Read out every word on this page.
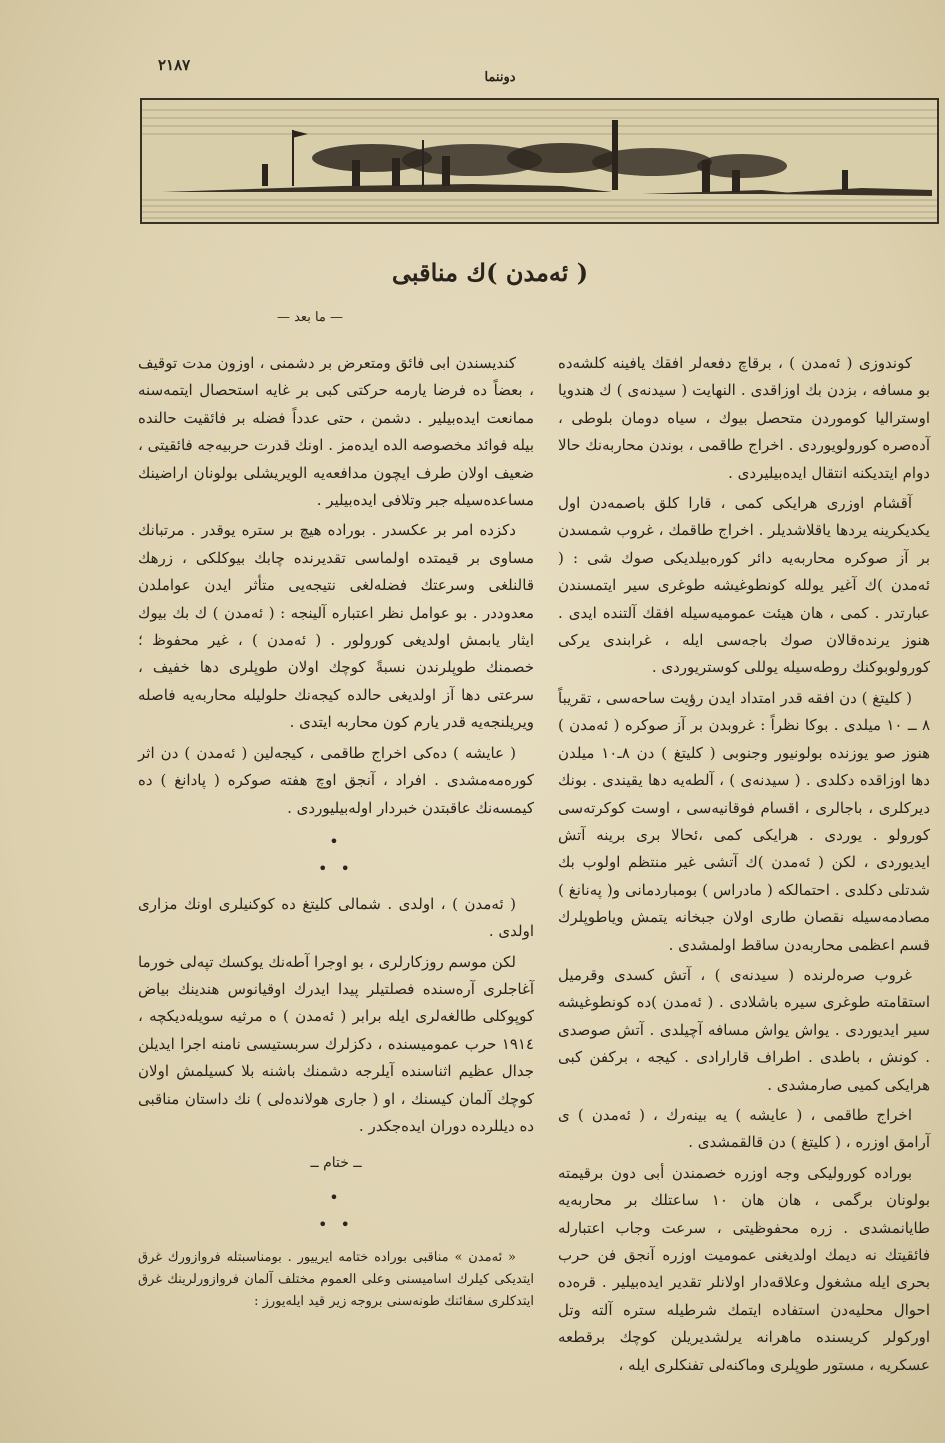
٢١٨٧
دوننما
( ئەمدن )ك مناقبى
— ما بعد —

كوندوزى ( ئەمدن ) ، برقاچ دفعەلر افقك يافينە كلشەدە بو مسافە ، بزدن بك اوزاقدى . النهايت ( سيدنەى ) ك هندويا اوستراليا كوموردن متحصل بيوك ، سياه دومان بلوطى ، آدەصرە كورولويوردى . اخراج طاقمى ، بوندن محاربەنك حالا دوام ايتديكنە انتقال ايدەبيليردى .

آقشام اوزرى هرايكى كمى ، قارا كلق باصمەدن اول يكديكرينە يردها ياقلاشديلر . اخراج طاقمك ، غروب شمسدن بر آز صوكرە محاربەيە دائر كورەبيلديكى صوك شى : ( ئەمدن )ك آغير يوللە كونطوغيشە طوغرى سير ايتمسندن عبارتدر . كمى ، هان هيئت عموميەسيلە افقك آلتندە ايدى . هنوز يرندەقالان صوك باجەسى ايلە ، غرابندى يركى كورولوبوكنك روطەسيلە يوللى كوستريوردى .

( كليتغ ) دن افقە قدر امتداد ايدن رؤيت ساحەسى ، تقريباً ٨ ــ ١٠ ميلدى . بوكا نظراً : غروبدن بر آز صوكرە ( ئەمدن ) هنوز صو يوزندە بولونيور وجنوبى ( كليتغ ) دن ٨ـ١٠ ميلدن دها اوزاقدە دكلدى . ( سيدنەى ) ، آلطەيە دها يقيندى . بونك ديركلرى ، باجالرى ، اقسام فوقانيەسى ، اوست كوكرتەسى كورولو . يوردى . هرايكى كمى ،ئحالا برى برينە آتش ايديوردى ، لكن ( ئەمدن )ك آتشى غير منتظم اولوب بك شدتلى دكلدى . احتمالكە ( مادراس ) بومباردمانى و( پەنانغ ) مصادمەسيلە نقصان طارى اولان جبخانە يتمش وياطوپلرك قسم اعظمى محاربەدن ساقط اولمشدى .

غروب صرەلرندە ( سيدنەى ) ، آتش كسدى وقرميل استقامتە طوغرى سيرە باشلادى . ( ئەمدن )دە كونطوغيشە سير ايديوردى . يواش يواش مسافە آچيلدى . آتش صوصدى . كونش ، باطدى . اطراف قارارادى . كيجە ، بركفن كبى هرايكى كميى صارمشدى .

اخراج طاقمى ، ( عايشە ) يە بينەرك ، ( ئەمدن ) ى آرامق اوزرە ، ( كليتغ ) دن قالقمشدى .

بوراده كوروليكى وجه اوزرە خصمندن أبى دون برقيمتە بولونان برگمى ، هان هان ١٠ ساعتلك بر محاربەيە طايانمشدى . زرە محفوظيتى ، سرعت وجاب اعتبارلە فائقيتك نە ديمك اولديغنى عموميت اوزرە آنجق فن حرب بحرى ايلە مشغول وعلاقەدار اولانلر تقدير ايدەبيلير . قرەدە احوال محليەدن استفادە ايتمك شرطيلە ستره آلتە وتل اوركولر كريسندە ماهرانە يرلشديريلن كوچك برقطعە عسكريە ، مستور طوپلرى وماكنەلى تفنكلرى ايلە ،

كنديسندن ابى فائق ومتعرض بر دشمنى ، اوزون مدت توقيف ، بعضاً ده فرضا يارمە حركتى كبى بر غايە استحصال ايتمەسنە ممانعت ايدەبيلير . دشمن ، حتى عدداً فضلە بر فائقيت حالندە بيلە فوائد مخصوصە الدە ايدەمز . اونك قدرت حربيەجە فائقيتى ، ضعيف اولان طرف ايچون مدافعەيە الويريشلى بولونان اراضينك مساعدەسيلە جبر وتلافى ايدەبيلير .

دكزدە امر بر عكسدر . بوراده هيچ بر ستره يوقدر . مرتبانك مساوى بر قيمتدە اولماسى تقديرندە چابك بيوكلكى ، زرهك قالنلغى وسرعتك فضلەلغى نتيجەيى متأثر ايدن عواملدن معدوددر . بو عوامل نظر اعتبارە آلينجە : ( ئەمدن ) ك بك بيوك ايثار يابمش اولديغى كورولور . ( ئەمدن ) ، غير محفوظ ؛ خصمنك طوپلرندن نسبةً كوچك اولان طوپلرى دها خفيف ، سرعتى دها آز اولديغى حالدە كيجەنك حلوليلە محاربەيە فاصلە ويريلنجەيە قدر يارم كون محاربە ايتدى .

( عايشە ) دەكى اخراج طاقمى ، كيجەلين ( ئەمدن ) دن اثر كورەمەمشدى . افراد ، آنجق اوچ هفتە صوكرە ( پادانغ ) دە كيمسەنك عاقبتدن خبردار اولەبيليوردى .

•
• •

( ئەمدن ) ، اولدى . شمالى كليتغ دە كوكنيلرى اونك مزارى اولدى .

لكن موسم روزكارلرى ، بو اوجرا آطەنك يوكسك تپەلى خورما آغاجلرى آرەسندە فصلتيلر پيدا ايدرك اوقيانوس هندينك بياض كوپوكلى طالغەلرى ايلە برابر ( ئەمدن ) ە مرثيە سويلەديكچە ، ١٩١٤ حرب عموميسندە ، دكزلرك سربستيسى نامنە اجرا ايديلن جدال عظيم اثناسندە آيلرجە دشمنك باشنە بلا كسيلمش اولان كوچك آلمان كيسنك ، او ( جارى هولاندەلى ) نك داستان مناقبى دە ديللردە دوران ايدەجكدر .

ــ ختام ــ
•
• •

« ئەمدن » مناقبى بوراده ختامە ايرييور . بومناسبتلە فروازورك غرق ايتديكى كيلرك اساميسنى وعلى العموم مختلف آلمان فروازورلرينك غرق ايتدكلرى سفائنك طونەسنى بروجە زير قيد ايلەيورز :
